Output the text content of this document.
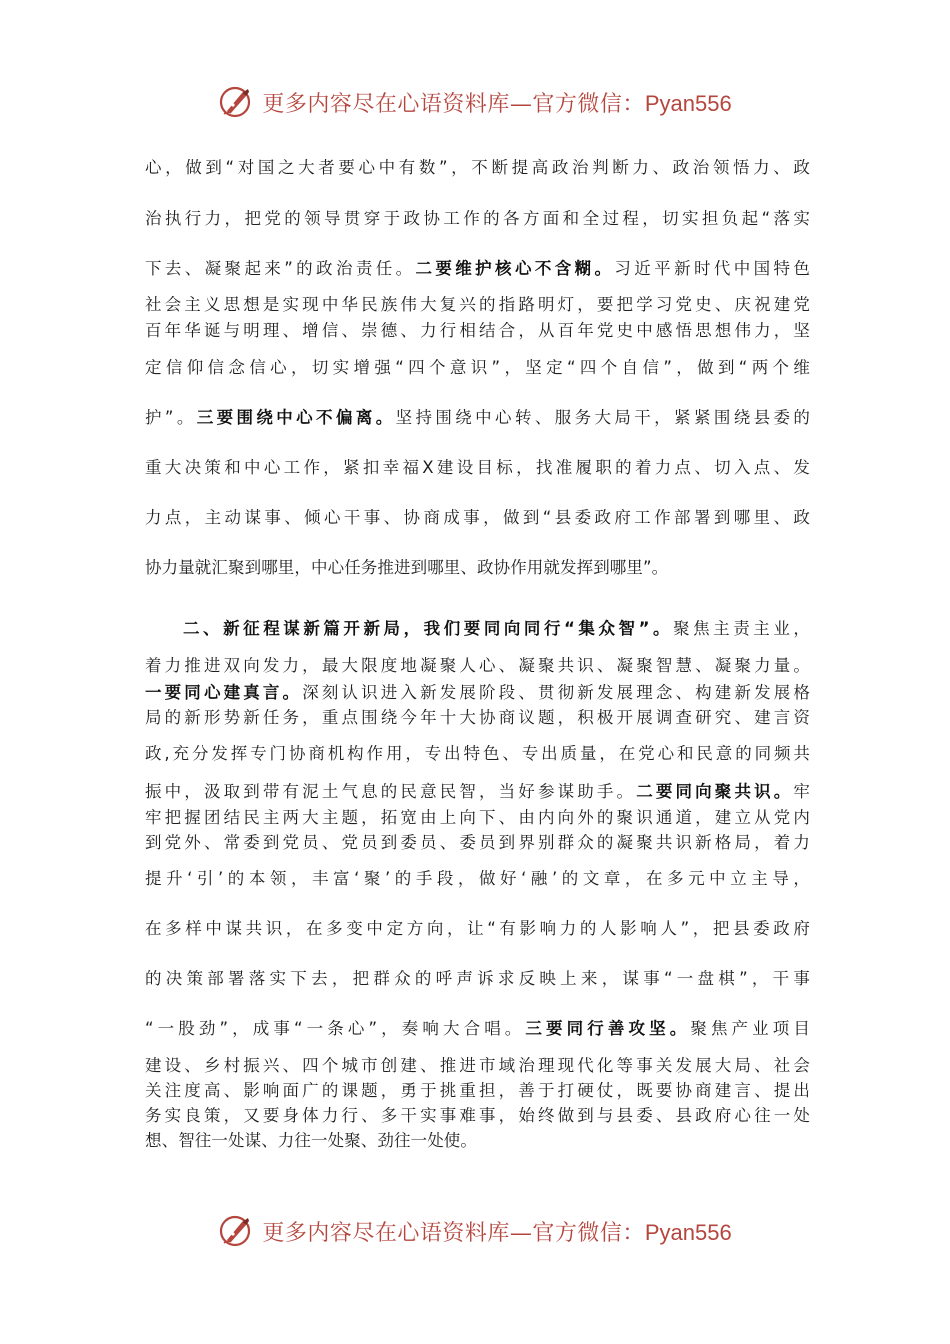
更多内容尽在心语资料库—官方微信： Pyan556
心，做到“对国之大者要心中有数”，不断提高政治判断力、政治领悟力、政
治执行力，把党的领导贯穿于政协工作的各方面和全过程，切实担负起“落实
下去、凝聚起来”的政治责任。二要维护核心不含糊。习近平新时代中国特色
社会主义思想是实现中华民族伟大复兴的指路明灯，要把学习党史、庆祝建党
百年华诞与明理、增信、崇德、力行相结合，从百年党史中感悟思想伟力，坚
定信仰信念信心，切实增强“四个意识”，坚定“四个自信”，做到“两个维
护”。三要围绕中心不偏离。坚持围绕中心转、服务大局干，紧紧围绕县委的
重大决策和中心工作，紧扣幸福X建设目标，找准履职的着力点、切入点、发
力点，主动谋事、倾心干事、协商成事，做到“县委政府工作部署到哪里、政
协力量就汇聚到哪里，中心任务推进到哪里、政协作用就发挥到哪里”。
二、新征程谋新篇开新局，我们要同向同行“集众智”。聚焦主责主业，
着力推进双向发力，最大限度地凝聚人心、凝聚共识、凝聚智慧、凝聚力量。
一要同心建真言。深刻认识进入新发展阶段、贯彻新发展理念、构建新发展格
局的新形势新任务，重点围绕今年十大协商议题，积极开展调查研究、建言资
政,充分发挥专门协商机构作用，专出特色、专出质量，在党心和民意的同频共
振中，汲取到带有泥土气息的民意民智，当好参谋助手。二要同向聚共识。牢
牢把握团结民主两大主题，拓宽由上向下、由内向外的聚识通道，建立从党内
到党外、常委到党员、党员到委员、委员到界别群众的凝聚共识新格局，着力
提升‘引’的本领，丰富‘聚’的手段，做好‘融’的文章，在多元中立主导，
在多样中谋共识，在多变中定方向，让“有影响力的人影响人”，把县委政府
的决策部署落实下去，把群众的呼声诉求反映上来，谋事“一盘棋”，干事
“一股劲”，成事“一条心”，奏响大合唱。三要同行善攻坚。聚焦产业项目
建设、乡村振兴、四个城市创建、推进市域治理现代化等事关发展大局、社会
关注度高、影响面广的课题，勇于挑重担，善于打硬仗，既要协商建言、提出
务实良策，又要身体力行、多干实事难事，始终做到与县委、县政府心往一处
想、智往一处谋、力往一处聚、劲往一处使。
更多内容尽在心语资料库—官方微信： Pyan556
